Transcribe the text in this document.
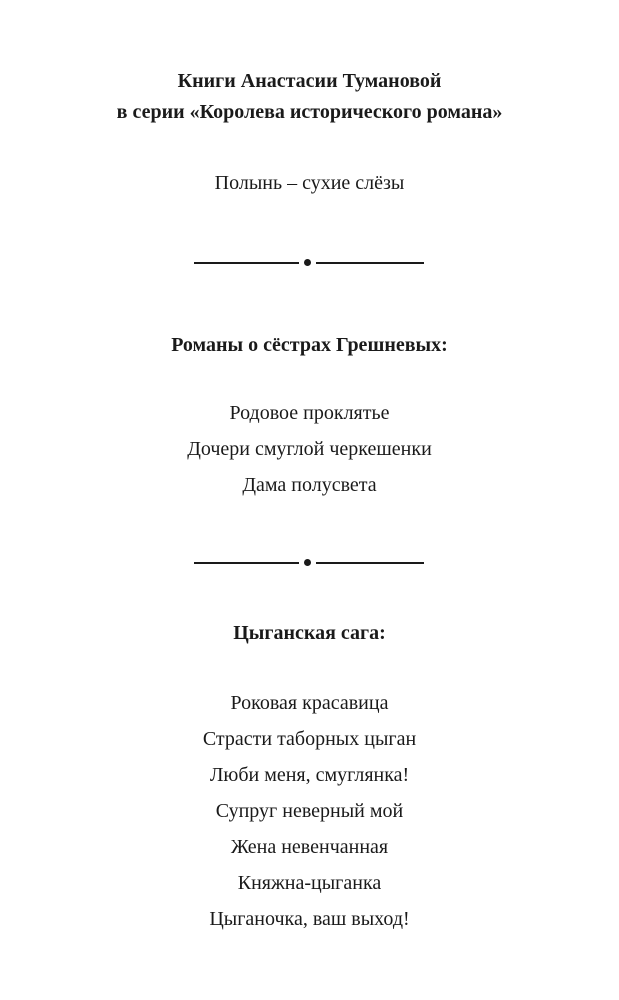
Книги Анастасии Тумановой
в серии «Королева исторического романа»
Полынь – сухие слёзы
Романы о сёстрах Грешневых:
Родовое проклятье
Дочери смуглой черкешенки
Дама полусвета
Цыганская сага:
Роковая красавица
Страсти таборных цыган
Люби меня, смуглянка!
Супруг неверный мой
Жена невенчанная
Княжна-цыганка
Цыганочка, ваш выход!
